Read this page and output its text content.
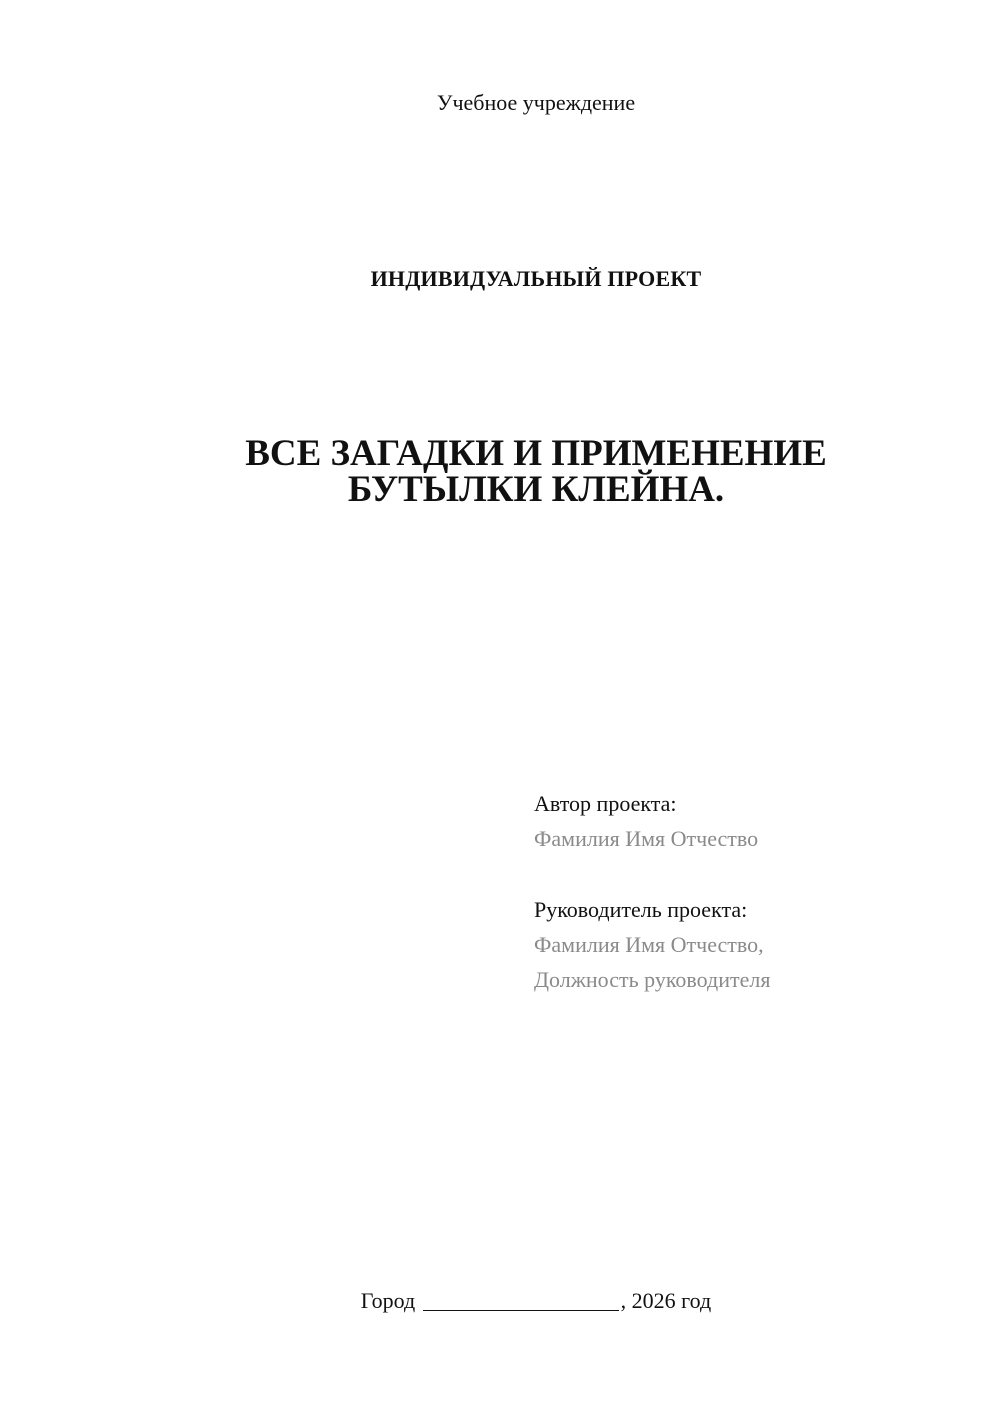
Учебное учреждение
ИНДИВИДУАЛЬНЫЙ ПРОЕКТ
ВСЕ ЗАГАДКИ И ПРИМЕНЕНИЕ
БУТЫЛКИ КЛЕЙНА.
Автор проекта:
Фамилия Имя Отчество
Руководитель проекта:
Фамилия Имя Отчество,
Должность руководителя
Город	, 2026 год
